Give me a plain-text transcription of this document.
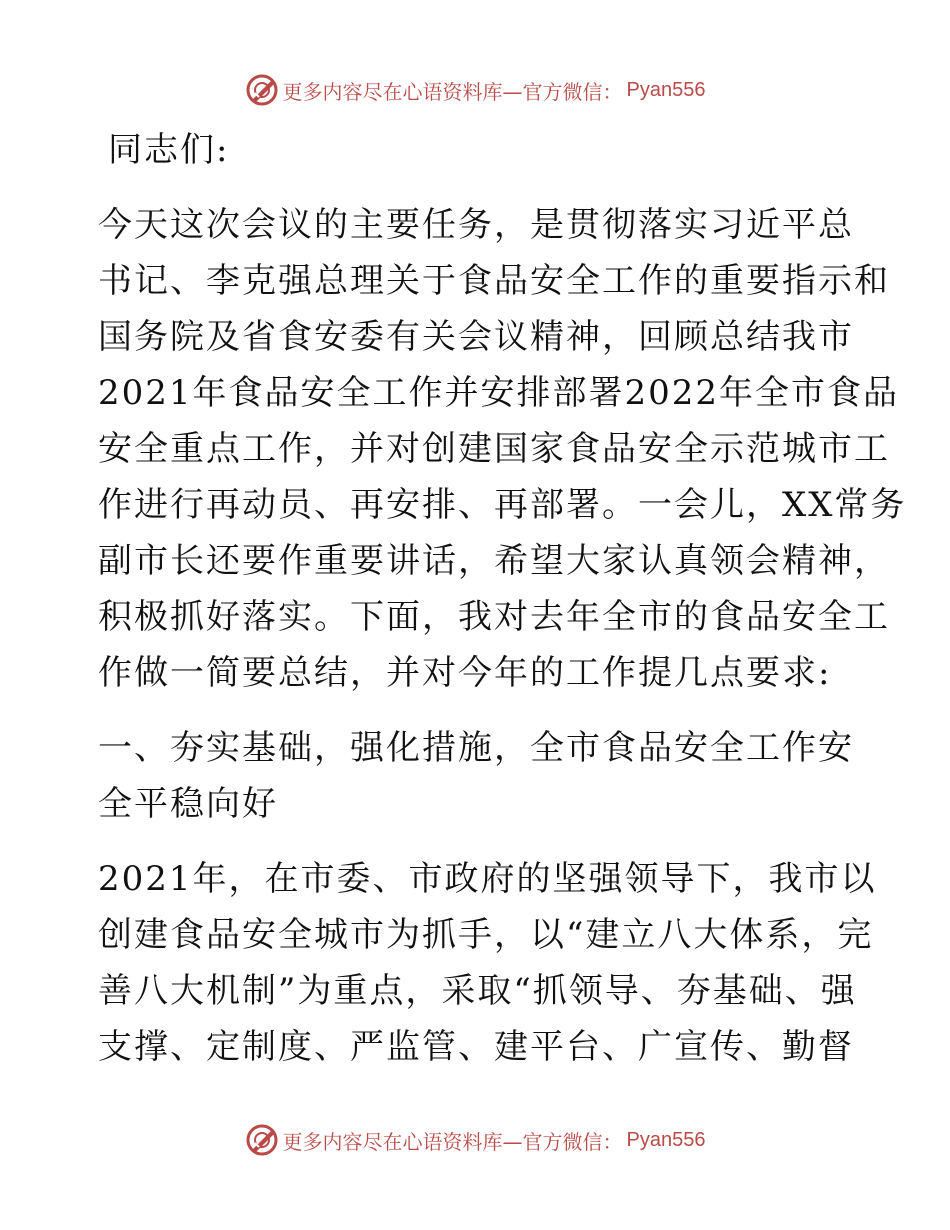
更多内容尽在心语资料库—官方微信： Pyan556
同志们:
今天这次会议的主要任务，是贯彻落实习近平总
书记、李克强总理关于食品安全工作的重要指示和
国务院及省食安委有关会议精神，回顾总结我市
2021年食品安全工作并安排部署2022年全市食品
安全重点工作，并对创建国家食品安全示范城市工
作进行再动员、再安排、再部署。一会儿，XX常务
副市长还要作重要讲话，希望大家认真领会精神，
积极抓好落实。下面，我对去年全市的食品安全工
作做一简要总结，并对今年的工作提几点要求:
一、夯实基础，强化措施，全市食品安全工作安
全平稳向好
2021年，在市委、市政府的坚强领导下，我市以
创建食品安全城市为抓手，以“建立八大体系，完
善八大机制”为重点，采取“抓领导、夯基础、强
支撑、定制度、严监管、建平台、广宣传、勤督
更多内容尽在心语资料库—官方微信： Pyan556
